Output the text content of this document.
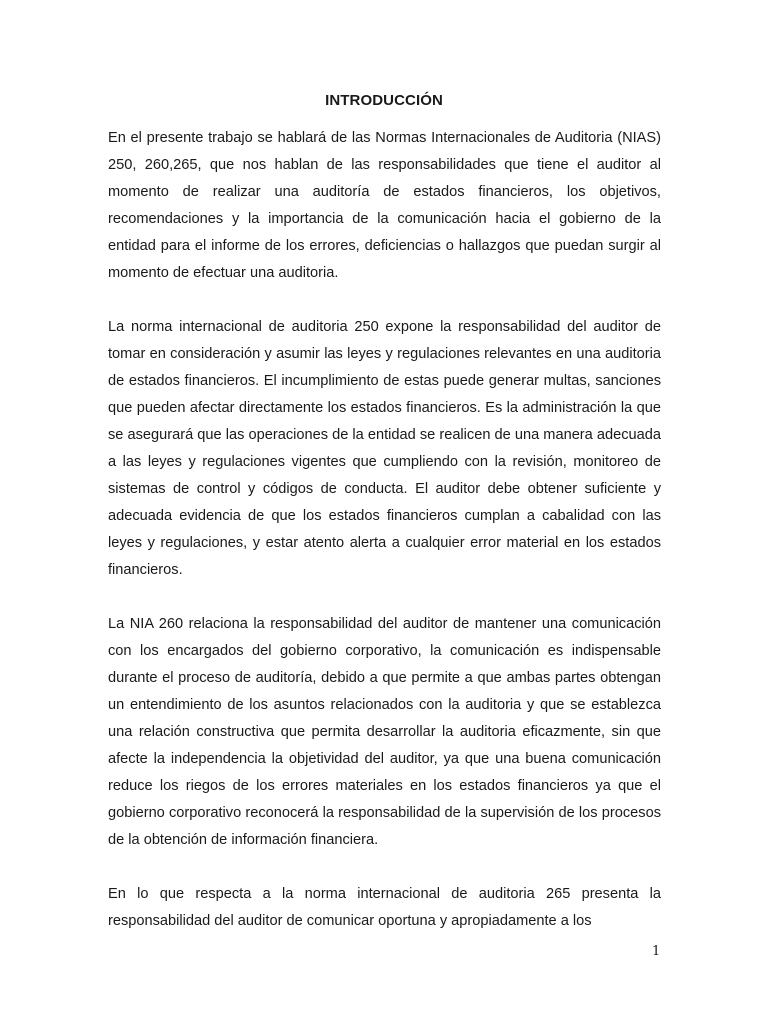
INTRODUCCIÓN

En el presente trabajo se hablará de las Normas Internacionales de Auditoria (NIAS) 250, 260,265, que nos hablan de las responsabilidades que tiene el auditor al momento de realizar una auditoría de estados financieros, los objetivos, recomendaciones y la importancia de la comunicación hacia el gobierno de la entidad para el informe de los errores, deficiencias o hallazgos que puedan surgir al momento de efectuar una auditoria.

La norma internacional de auditoria 250 expone la responsabilidad del auditor de tomar en consideración y asumir las leyes y regulaciones relevantes en una auditoria de estados financieros. El incumplimiento de estas puede generar multas, sanciones que pueden afectar directamente los estados financieros. Es la administración la que se asegurará que las operaciones de la entidad se realicen de una manera adecuada a las leyes y regulaciones vigentes que cumpliendo con la revisión, monitoreo de sistemas de control y códigos de conducta. El auditor debe obtener suficiente y adecuada evidencia de que los estados financieros cumplan a cabalidad con las leyes y regulaciones, y estar atento alerta a cualquier error material en los estados financieros.

La NIA 260 relaciona la responsabilidad del auditor de mantener una comunicación con los encargados del gobierno corporativo, la comunicación es indispensable durante el proceso de auditoría, debido a que permite a que ambas partes obtengan un entendimiento de los asuntos relacionados con la auditoria y que se establezca una relación constructiva que permita desarrollar la auditoria eficazmente, sin que afecte la independencia la objetividad del auditor, ya que una buena comunicación reduce los riegos de los errores materiales en los estados financieros ya que el gobierno corporativo reconocerá la responsabilidad de la supervisión de los procesos de la obtención de información financiera.

En lo que respecta a la norma internacional de auditoria 265 presenta la responsabilidad del auditor de comunicar oportuna y apropiadamente a los

1
